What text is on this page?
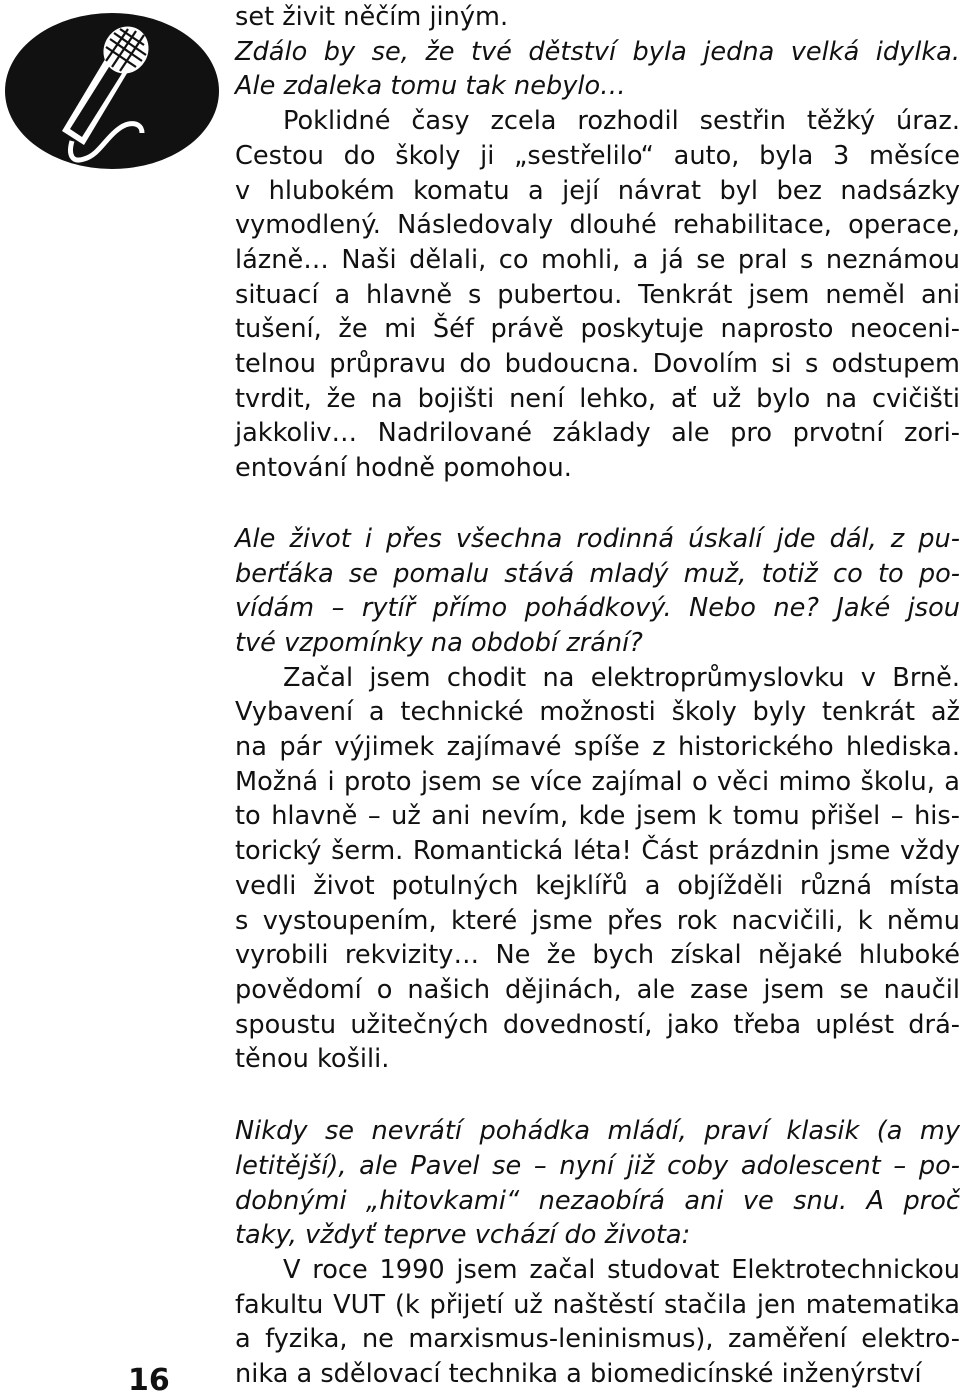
16

set živit něčím jiným.

Zdálo by se, že tvé dětství byla jedna velká idylka.
Ale zdaleka tomu tak nebylo…

Poklidné časy zcela rozhodil sestřin těžký úraz.
Cestou do školy ji „sestřelilo“ auto, byla 3 měsíce
v hlubokém komatu a její návrat byl bez nadsázky
vymodlený. Následovaly dlouhé rehabilitace, operace,
lázně… Naši dělali, co mohli, a já se pral s neznámou
situací a hlavně s pubertou. Tenkrát jsem neměl ani
tušení, že mi Šéf právě poskytuje naprosto neoceni-
telnou průpravu do budoucna. Dovolím si s odstupem
tvrdit, že na bojišti není lehko, ať už bylo na cvičišti
jakkoliv… Nadrilované základy ale pro prvotní zori-
entování hodně pomohou.

Ale život i přes všechna rodinná úskalí jde dál, z pu-
berťáka se pomalu stává mladý muž, totiž co to po-
vídám – rytíř přímo pohádkový. Nebo ne? Jaké jsou
tvé vzpomínky na období zrání?

Začal jsem chodit na elektroprůmyslovku v Brně.
Vybavení a technické možnosti školy byly tenkrát až
na pár výjimek zajímavé spíše z historického hlediska.
Možná i proto jsem se více zajímal o věci mimo školu, a
to hlavně – už ani nevím, kde jsem k tomu přišel – his-
torický šerm. Romantická léta! Část prázdnin jsme vždy
vedli život potulných kejklířů a objížděli různá místa
s vystoupením, které jsme přes rok nacvičili, k němu
vyrobili rekvizity… Ne že bych získal nějaké hluboké
povědomí o našich dějinách, ale zase jsem se naučil
spoustu užitečných dovedností, jako třeba uplést drá-
těnou košili.

Nikdy se nevrátí pohádka mládí, praví klasik (a my
letitější), ale Pavel se – nyní již coby adolescent – po-
dobnými „hitovkami“ nezaobírá ani ve snu. A proč
taky, vždyť teprve vchází do života:

V roce 1990 jsem začal studovat Elektrotechnickou
fakultu VUT (k přijetí už naštěstí stačila jen matematika
a fyzika, ne marxismus-leninismus), zaměření elektro-
nika a sdělovací technika a biomedicínské inženýrství
